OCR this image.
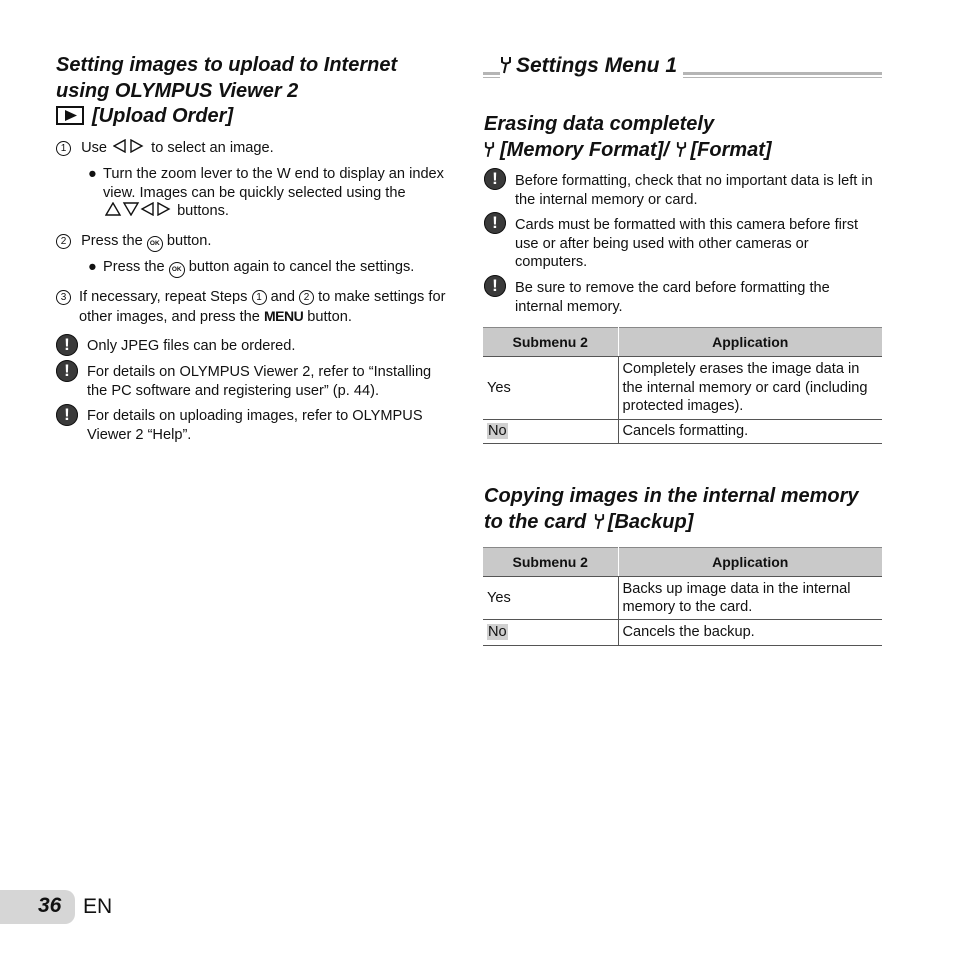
Setting images to upload to Internet
using OLYMPUS Viewer 2
[Upload Order]
1 Use	to select an image.
● Turn the zoom lever to the W end to display an index view. Images can be quickly selected using the  buttons.
2 Press the OK button.
● Press the OK button again to cancel the settings.
3 If necessary, repeat Steps 1 and 2 to make settings for other images, and press the MENU button.
!	Only JPEG files can be ordered.
!	For details on OLYMPUS Viewer 2, refer to “Installing the PC software and registering user” (p. 44).
!	For details on uploading images, refer to OLYMPUS Viewer 2 “Help”.
Settings Menu 1
Erasing data completely
[Memory Format]/ [Format]
!	Before formatting, check that no important data is left in the internal memory or card.
!	Cards must be formatted with this camera before first use or after being used with other cameras or computers.
!	Be sure to remove the card before formatting the internal memory.
Submenu 2	Application
Yes	Completely erases the image data in the internal memory or card (including protected images).
No	Cancels formatting.
Copying images in the internal memory
to the card [Backup]
Submenu 2	Application
Yes	Backs up image data in the internal memory to the card.
No	Cancels the backup.
36 EN
